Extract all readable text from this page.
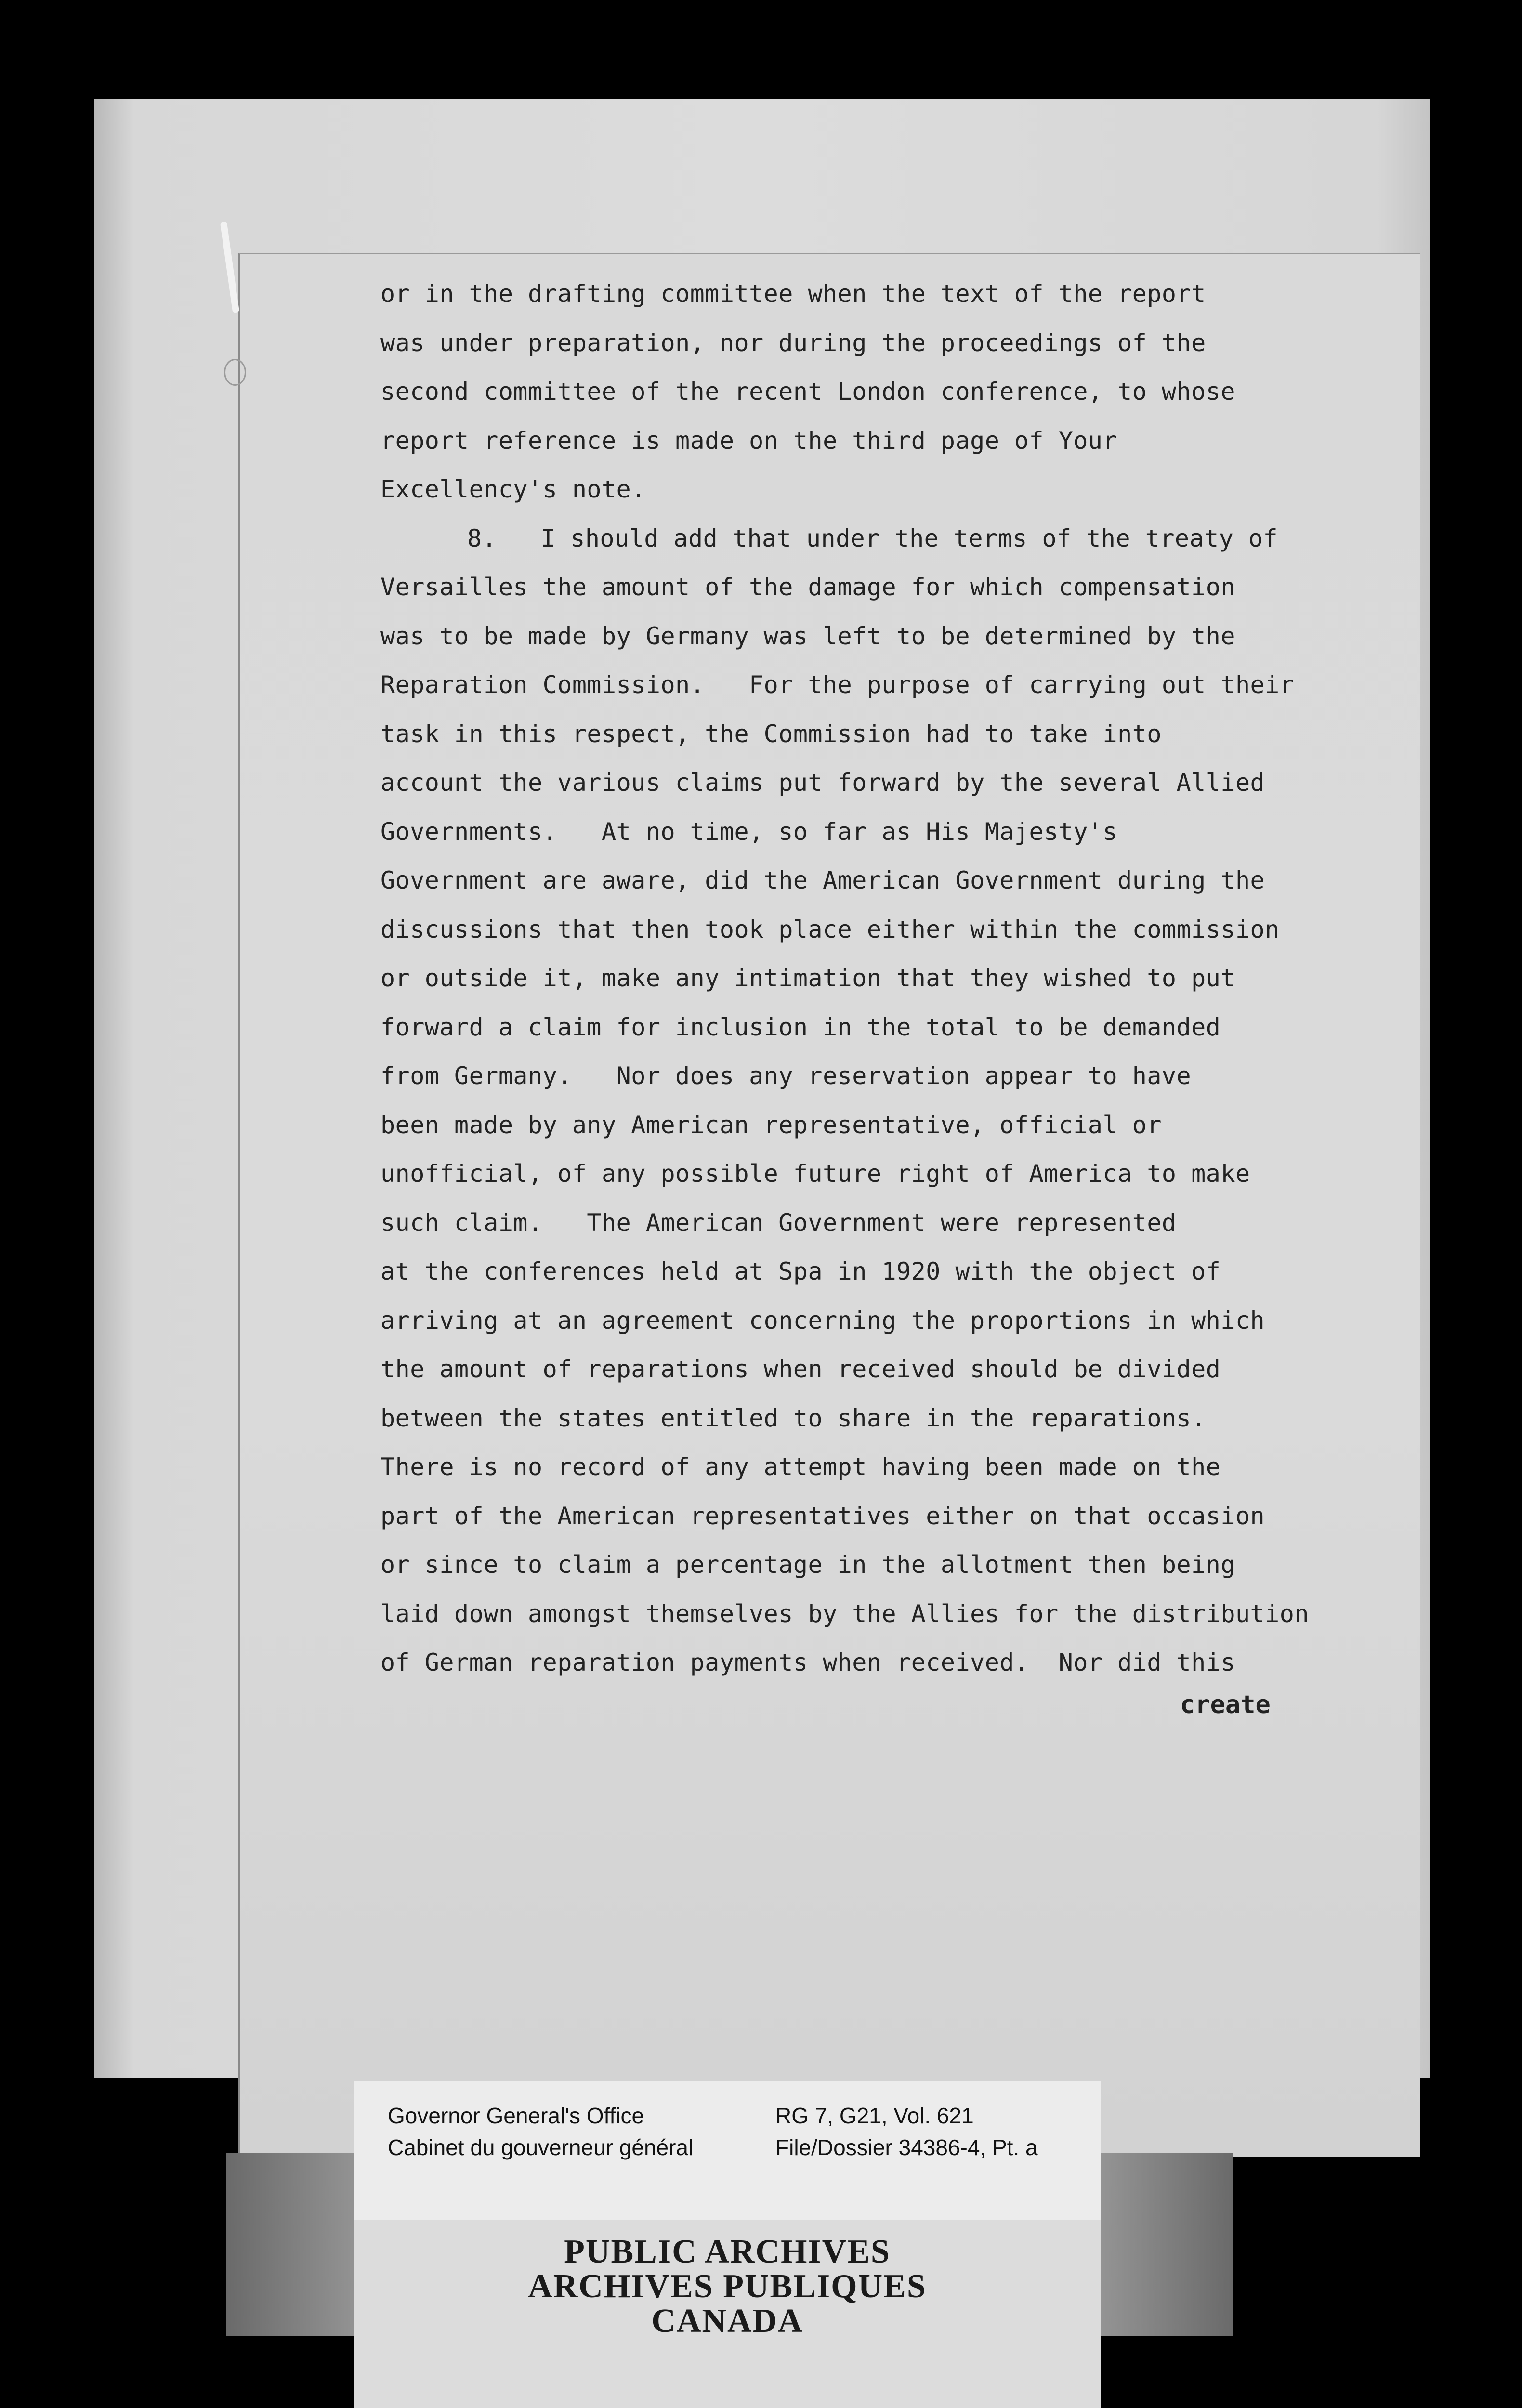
or in the drafting committee when the text of the report
was under preparation, nor during the proceedings of the
second committee of the recent London conference, to whose
report reference is made on the third page of Your
Excellency's note.
8.   I should add that under the terms of the treaty of
Versailles the amount of the damage for which compensation
was to be made by Germany was left to be determined by the
Reparation Commission.   For the purpose of carrying out their
task in this respect, the Commission had to take into
account the various claims put forward by the several Allied
Governments.   At no time, so far as His Majesty's
Government are aware, did the American Government during the
discussions that then took place either within the commission
or outside it, make any intimation that they wished to put
forward a claim for inclusion in the total to be demanded
from Germany.   Nor does any reservation appear to have
been made by any American representative, official or
unofficial, of any possible future right of America to make
such claim.   The American Government were represented
at the conferences held at Spa in 1920 with the object of
arriving at an agreement concerning the proportions in which
the amount of reparations when received should be divided
between the states entitled to share in the reparations.
There is no record of any attempt having been made on the
part of the American representatives either on that occasion
or since to claim a percentage in the allotment then being
laid down amongst themselves by the Allies for the distribution
of German reparation payments when received.  Nor did this
create
Governor General's Office
Cabinet du gouverneur général
RG 7, G21, Vol. 621
File/Dossier 34386-4, Pt. a
PUBLIC ARCHIVES
ARCHIVES PUBLIQUES
CANADA
